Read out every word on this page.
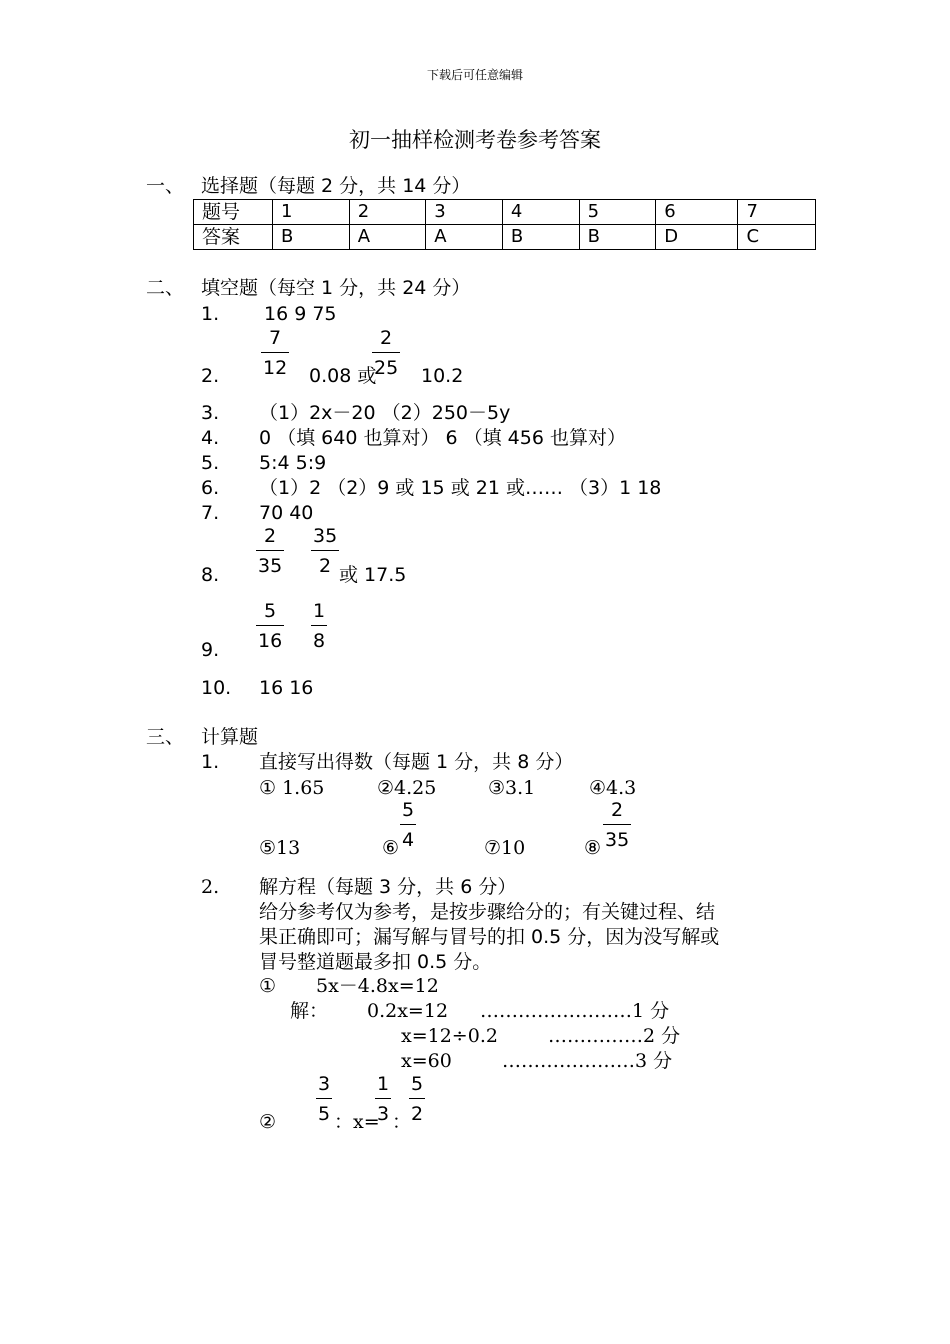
下载后可任意编辑
初一抽样检测考卷参考答案
一、 选择题（每题 2 分，共 14 分）
题号	1	2	3	4	5	6	7
答案	B	A	A	B	B	D	C
二、 填空题（每空 1 分，共 24 分）
1. 16 9 75
2.
7
12 0.08 或
2
25 10.2
3. （1）2x－20 （2）250－5y
4. 0 （填 640 也算对） 6 （填 456 也算对）
5. 5:4 5:9
6. （1）2 （2）9 或 15 或 21 或…… （3）1 18
7. 70 40
8.
2
35
35
2 或 17.5
9.
5
16
1
8
10. 16 16
三、 计算题
1. 直接写出得数（每题 1 分，共 8 分）
① 1.65	②4.25	③3.1	④4.3
⑤13	⑥
5
4	⑦10	⑧
2
35
2. 解方程（每题 3 分，共 6 分）
给分参考仅为参考，是按步骤给分的；有关键过程、结
果正确即可；漏写解与冒号的扣 0.5 分，因为没写解或
冒号整道题最多扣 0.5 分。
① 5x－4.8x=12
解： 0.2x=12 ……………………1 分
x=12÷0.2	……………2 分
x=60	…………………3 分
②
3
5 ：x=
1
3 ：
5
2
